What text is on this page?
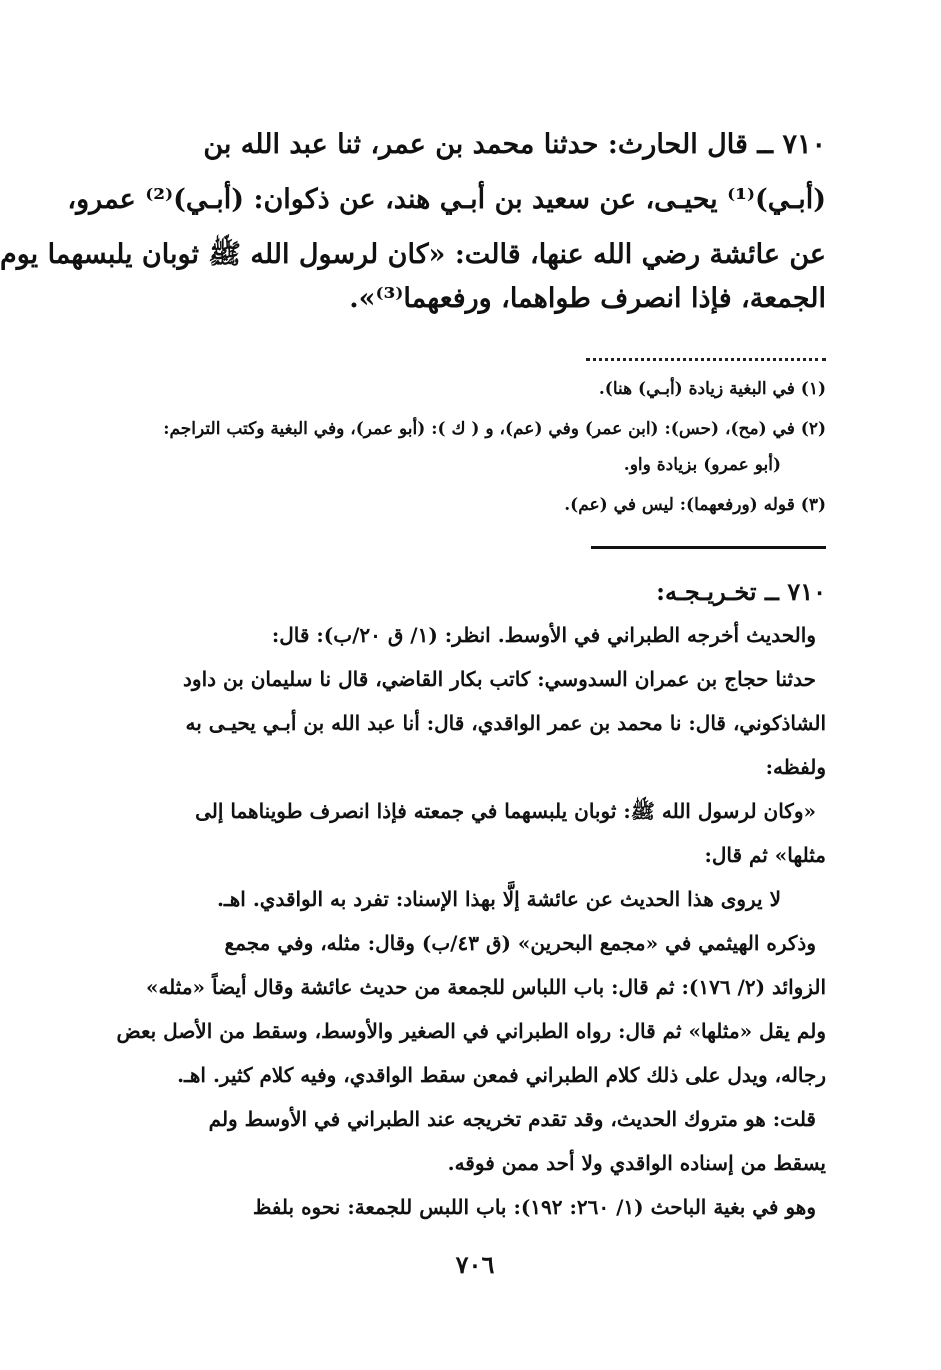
٧١٠ ــ قال الحارث: حدثنا محمد بن عمر، ثنا عبد الله بن
(أبـي)⁽¹⁾ يحيـى، عن سعيد بن أبـي هند، عن ذكوان: (أبـي)⁽²⁾ عمرو،
عن عائشة رضي الله عنها، قالت: «كان لرسول الله ﷺ ثوبان يلبسهما يوم
الجمعة، فإذا انصرف طواهما، ورفعهما⁽³⁾».
(١) في البغية زيادة (أبـي) هنا).
(٢) في (مح)، (حس): (ابن عمر) وفي (عم)، و ( ك ): (أبو عمر)، وفي البغية وكتب التراجم:
(أبو عمرو) بزيادة واو.
(٣) قوله (ورفعهما): ليس في (عم).
٧١٠ ــ تخـريـجـه:
والحديث أخرجه الطبراني في الأوسط. انظر: (١/ ق ٢٠/ب): قال:
حدثنا حجاج بن عمران السدوسي: كاتب بكار القاضي، قال نا سليمان بن داود
الشاذكوني، قال: نا محمد بن عمر الواقدي، قال: أنا عبد الله بن أبـي يحيـى به
ولفظه:
«وكان لرسول الله ﷺ: ثوبان يلبسهما في جمعته فإذا انصرف طويناهما إلى
مثلها» ثم قال:
لا يروى هذا الحديث عن عائشة إلَّا بهذا الإسناد: تفرد به الواقدي. اهـ.
وذكره الهيثمي في «مجمع البحرين» (ق ٤٣/ب) وقال: مثله، وفي مجمع
الزوائد (٢/ ١٧٦): ثم قال: باب اللباس للجمعة من حديث عائشة وقال أيضاً «مثله»
ولم يقل «مثلها» ثم قال: رواه الطبراني في الصغير والأوسط، وسقط من الأصل بعض
رجاله، ويدل على ذلك كلام الطبراني فمعن سقط الواقدي، وفيه كلام كثير. اهـ.
قلت: هو متروك الحديث، وقد تقدم تخريجه عند الطبراني في الأوسط ولم
يسقط من إسناده الواقدي ولا أحد ممن فوقه.
وهو في بغية الباحث (١/ ٢٦٠: ١٩٢): باب اللبس للجمعة: نحوه بلفظ
٧٠٦
